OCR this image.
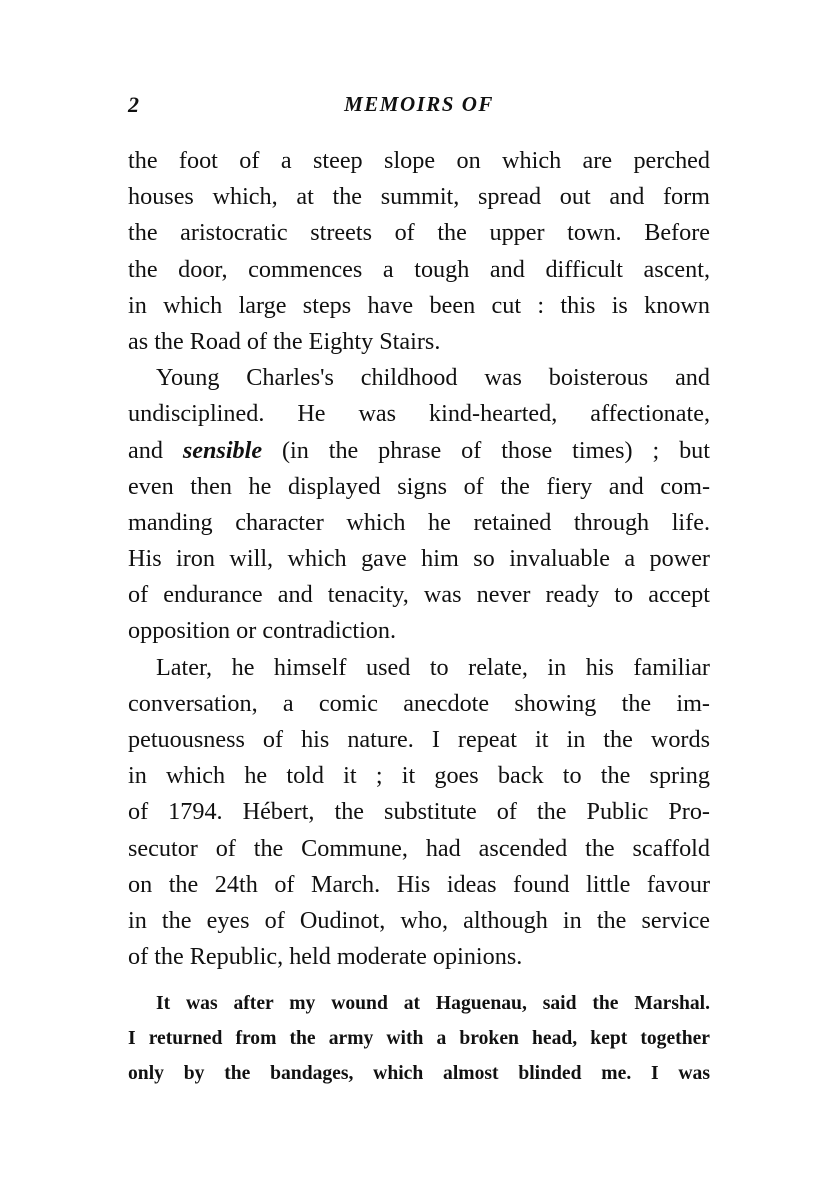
2	MEMOIRS OF
the foot of a steep slope on which are perched
houses which, at the summit, spread out and form
the aristocratic streets of the upper town. Before
the door, commences a tough and difficult ascent,
in which large steps have been cut : this is known
as the Road of the Eighty Stairs.
Young Charles's childhood was boisterous and
undisciplined. He was kind-hearted, affectionate,
and sensible (in the phrase of those times) ; but
even then he displayed signs of the fiery and com-
manding character which he retained through life.
His iron will, which gave him so invaluable a power
of endurance and tenacity, was never ready to accept
opposition or contradiction.
Later, he himself used to relate, in his familiar
conversation, a comic anecdote showing the im-
petuousness of his nature. I repeat it in the words
in which he told it ; it goes back to the spring
of 1794. Hébert, the substitute of the Public Pro-
secutor of the Commune, had ascended the scaffold
on the 24th of March. His ideas found little favour
in the eyes of Oudinot, who, although in the service
of the Republic, held moderate opinions.
It was after my wound at Haguenau, said the Marshal.
I returned from the army with a broken head, kept together
only by the bandages, which almost blinded me. I was
